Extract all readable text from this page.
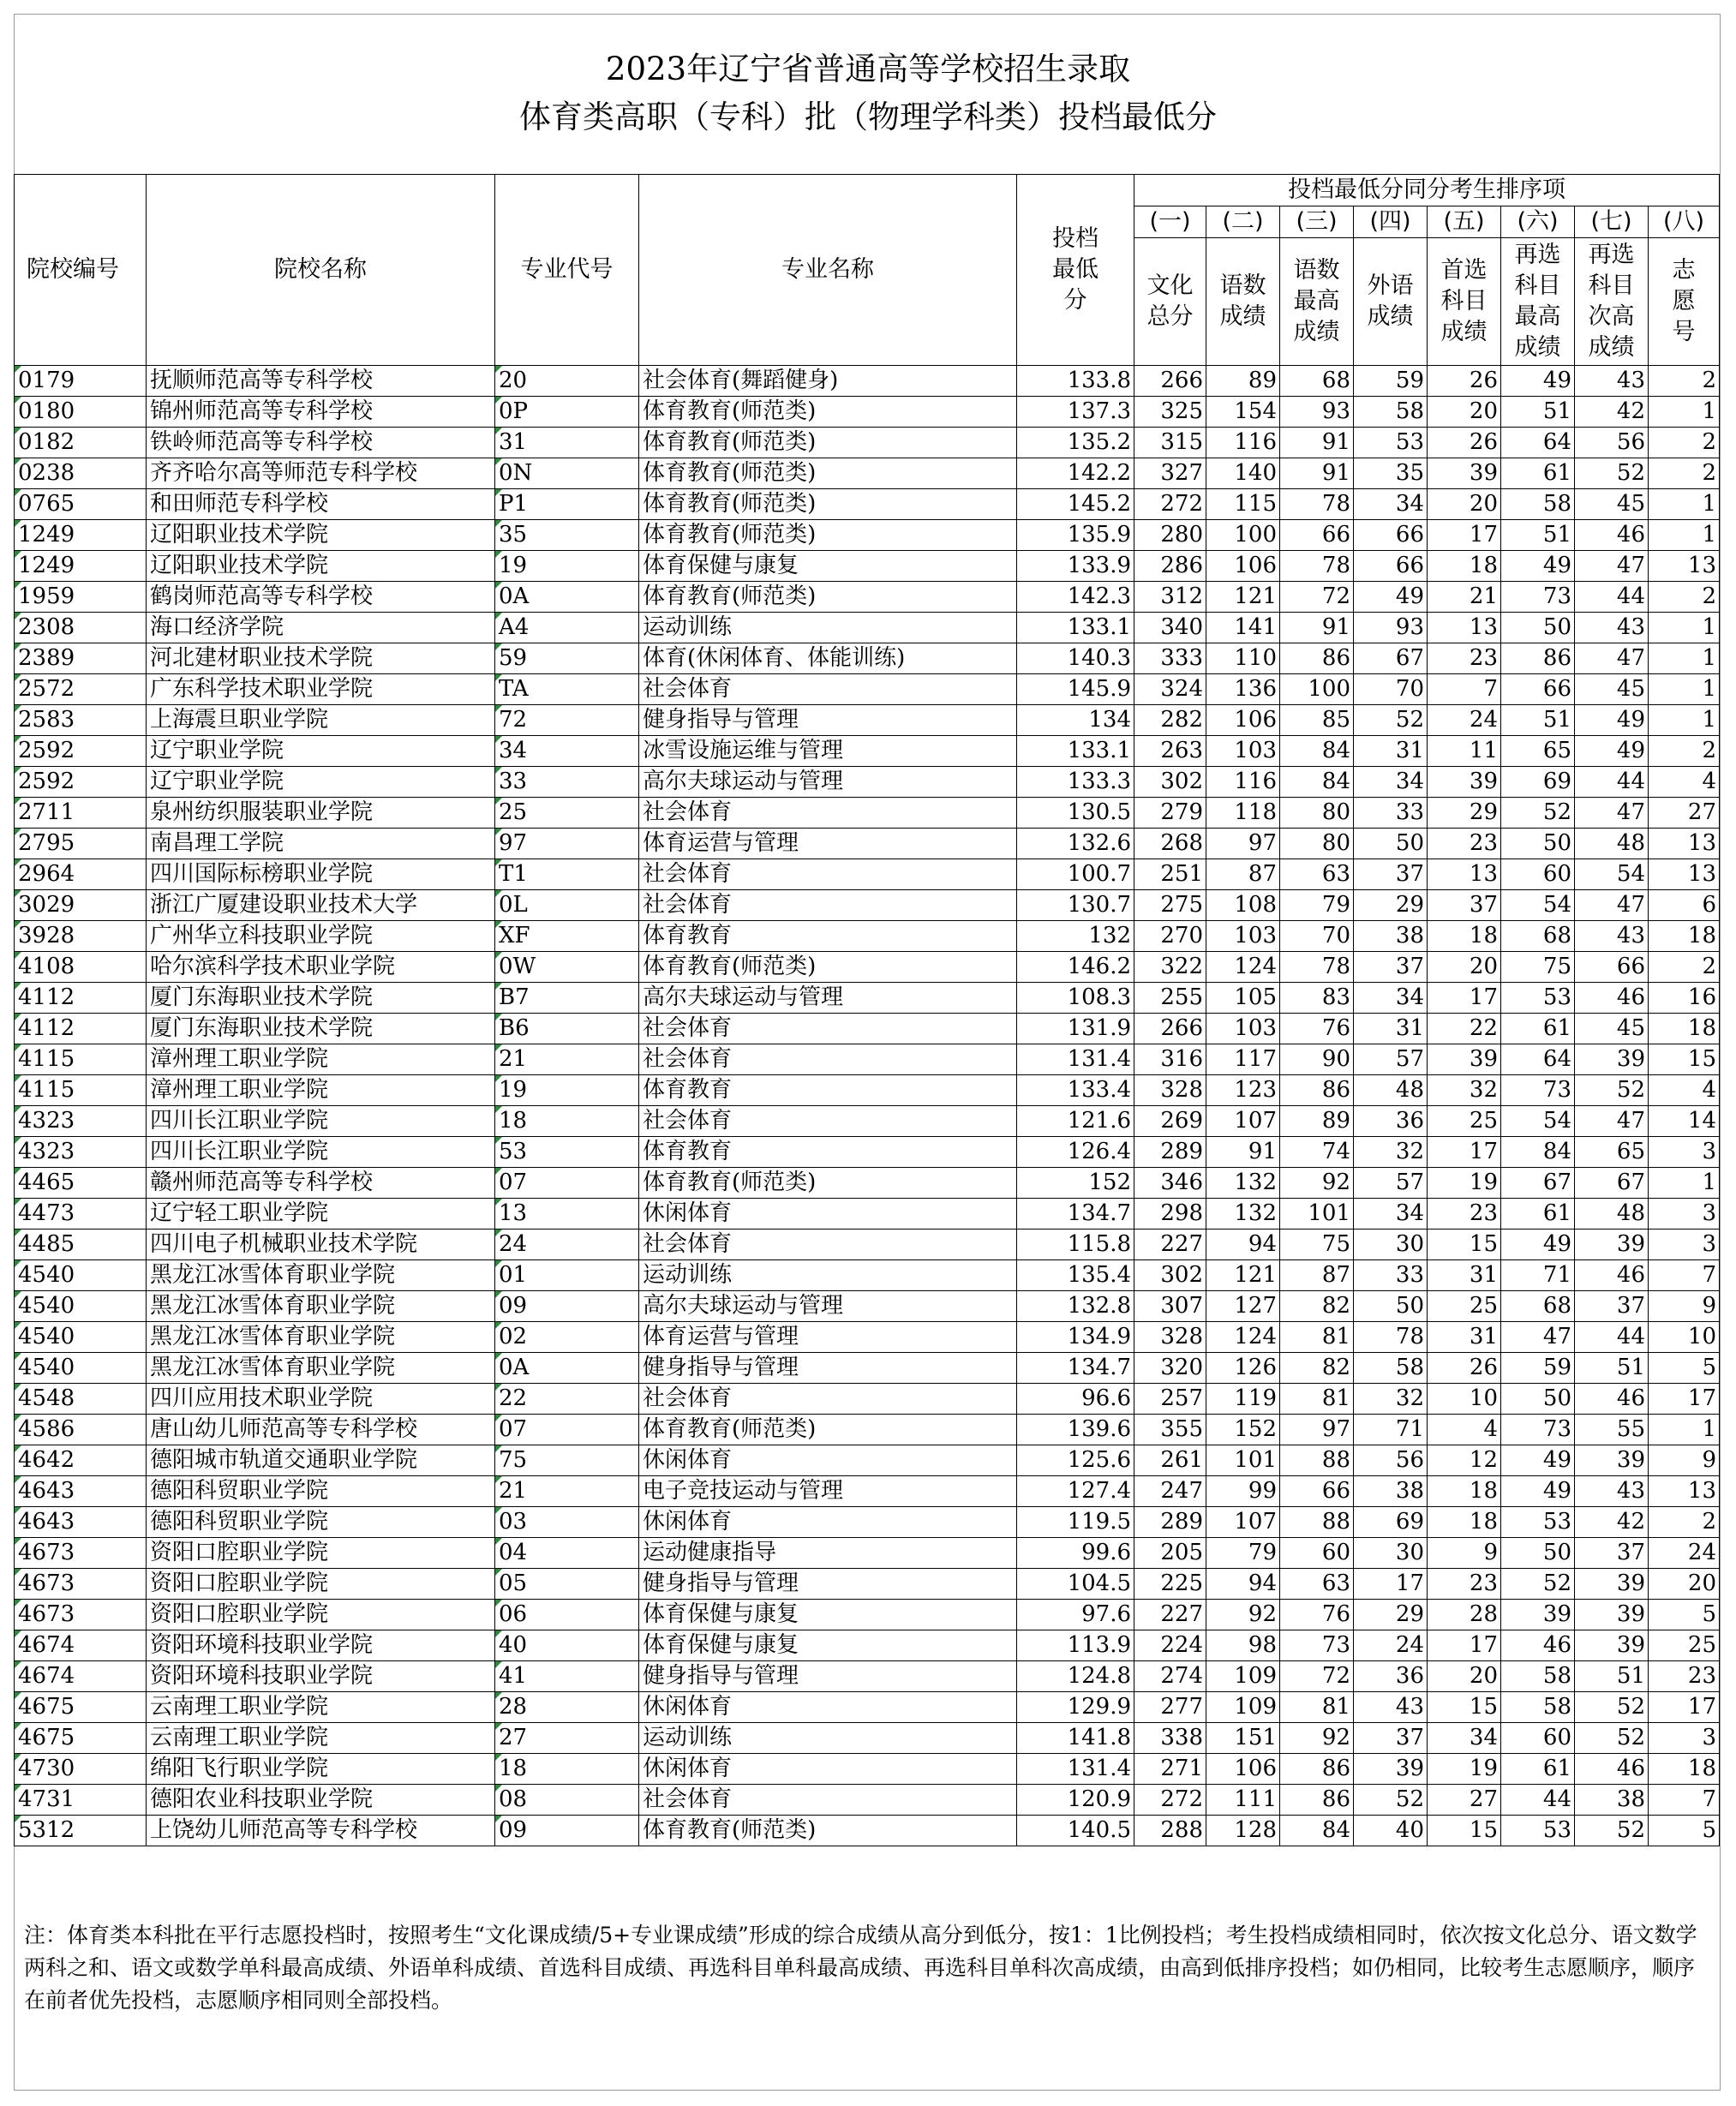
2023年辽宁省普通高等学校招生录取
体育类高职（专科）批（物理学科类）投档最低分
院校编号	院校名称	专业代号	专业名称	投档最低分	投档最低分同分考生排序项							
					(一)	(二)	(三)	(四)	(五)	(六)	(七)	(八)
					文化总分	语数成绩	语数最高成绩	外语成绩	首选科目成绩	再选科目最高成绩	再选科目次高成绩	志愿号
0179	抚顺师范高等专科学校	20	社会体育(舞蹈健身)	133.8	266	89	68	59	26	49	43	2
0180	锦州师范高等专科学校	0P	体育教育(师范类)	137.3	325	154	93	58	20	51	42	1
0182	铁岭师范高等专科学校	31	体育教育(师范类)	135.2	315	116	91	53	26	64	56	2
0238	齐齐哈尔高等师范专科学校	0N	体育教育(师范类)	142.2	327	140	91	35	39	61	52	2
0765	和田师范专科学校	P1	体育教育(师范类)	145.2	272	115	78	34	20	58	45	1
1249	辽阳职业技术学院	35	体育教育(师范类)	135.9	280	100	66	66	17	51	46	1
1249	辽阳职业技术学院	19	体育保健与康复	133.9	286	106	78	66	18	49	47	13
1959	鹤岗师范高等专科学校	0A	体育教育(师范类)	142.3	312	121	72	49	21	73	44	2
2308	海口经济学院	A4	运动训练	133.1	340	141	91	93	13	50	43	1
2389	河北建材职业技术学院	59	体育(休闲体育、体能训练)	140.3	333	110	86	67	23	86	47	1
2572	广东科学技术职业学院	TA	社会体育	145.9	324	136	100	70	7	66	45	1
2583	上海震旦职业学院	72	健身指导与管理	134	282	106	85	52	24	51	49	1
2592	辽宁职业学院	34	冰雪设施运维与管理	133.1	263	103	84	31	11	65	49	2
2592	辽宁职业学院	33	高尔夫球运动与管理	133.3	302	116	84	34	39	69	44	4
2711	泉州纺织服装职业学院	25	社会体育	130.5	279	118	80	33	29	52	47	27
2795	南昌理工学院	97	体育运营与管理	132.6	268	97	80	50	23	50	48	13
2964	四川国际标榜职业学院	T1	社会体育	100.7	251	87	63	37	13	60	54	13
3029	浙江广厦建设职业技术大学	0L	社会体育	130.7	275	108	79	29	37	54	47	6
3928	广州华立科技职业学院	XF	体育教育	132	270	103	70	38	18	68	43	18
4108	哈尔滨科学技术职业学院	0W	体育教育(师范类)	146.2	322	124	78	37	20	75	66	2
4112	厦门东海职业技术学院	B7	高尔夫球运动与管理	108.3	255	105	83	34	17	53	46	16
4112	厦门东海职业技术学院	B6	社会体育	131.9	266	103	76	31	22	61	45	18
4115	漳州理工职业学院	21	社会体育	131.4	316	117	90	57	39	64	39	15
4115	漳州理工职业学院	19	体育教育	133.4	328	123	86	48	32	73	52	4
4323	四川长江职业学院	18	社会体育	121.6	269	107	89	36	25	54	47	14
4323	四川长江职业学院	53	体育教育	126.4	289	91	74	32	17	84	65	3
4465	赣州师范高等专科学校	07	体育教育(师范类)	152	346	132	92	57	19	67	67	1
4473	辽宁轻工职业学院	13	休闲体育	134.7	298	132	101	34	23	61	48	3
4485	四川电子机械职业技术学院	24	社会体育	115.8	227	94	75	30	15	49	39	3
4540	黑龙江冰雪体育职业学院	01	运动训练	135.4	302	121	87	33	31	71	46	7
4540	黑龙江冰雪体育职业学院	09	高尔夫球运动与管理	132.8	307	127	82	50	25	68	37	9
4540	黑龙江冰雪体育职业学院	02	体育运营与管理	134.9	328	124	81	78	31	47	44	10
4540	黑龙江冰雪体育职业学院	0A	健身指导与管理	134.7	320	126	82	58	26	59	51	5
4548	四川应用技术职业学院	22	社会体育	96.6	257	119	81	32	10	50	46	17
4586	唐山幼儿师范高等专科学校	07	体育教育(师范类)	139.6	355	152	97	71	4	73	55	1
4642	德阳城市轨道交通职业学院	75	休闲体育	125.6	261	101	88	56	12	49	39	9
4643	德阳科贸职业学院	21	电子竞技运动与管理	127.4	247	99	66	38	18	49	43	13
4643	德阳科贸职业学院	03	休闲体育	119.5	289	107	88	69	18	53	42	2
4673	资阳口腔职业学院	04	运动健康指导	99.6	205	79	60	30	9	50	37	24
4673	资阳口腔职业学院	05	健身指导与管理	104.5	225	94	63	17	23	52	39	20
4673	资阳口腔职业学院	06	体育保健与康复	97.6	227	92	76	29	28	39	39	5
4674	资阳环境科技职业学院	40	体育保健与康复	113.9	224	98	73	24	17	46	39	25
4674	资阳环境科技职业学院	41	健身指导与管理	124.8	274	109	72	36	20	58	51	23
4675	云南理工职业学院	28	休闲体育	129.9	277	109	81	43	15	58	52	17
4675	云南理工职业学院	27	运动训练	141.8	338	151	92	37	34	60	52	3
4730	绵阳飞行职业学院	18	休闲体育	131.4	271	106	86	39	19	61	46	18
4731	德阳农业科技职业学院	08	社会体育	120.9	272	111	86	52	27	44	38	7
5312	上饶幼儿师范高等专科学校	09	体育教育(师范类)	140.5	288	128	84	40	15	53	52	5
注：体育类本科批在平行志愿投档时，按照考生“文化课成绩/5+专业课成绩”形成的综合成绩从高分到低分，按1：1比例投档；考生投档成绩相同时，依次按文化总分、语文数学两科之和、语文或数学单科最高成绩、外语单科成绩、首选科目成绩、再选科目单科最高成绩、再选科目单科次高成绩，由高到低排序投档；如仍相同，比较考生志愿顺序，顺序在前者优先投档，志愿顺序相同则全部投档。
